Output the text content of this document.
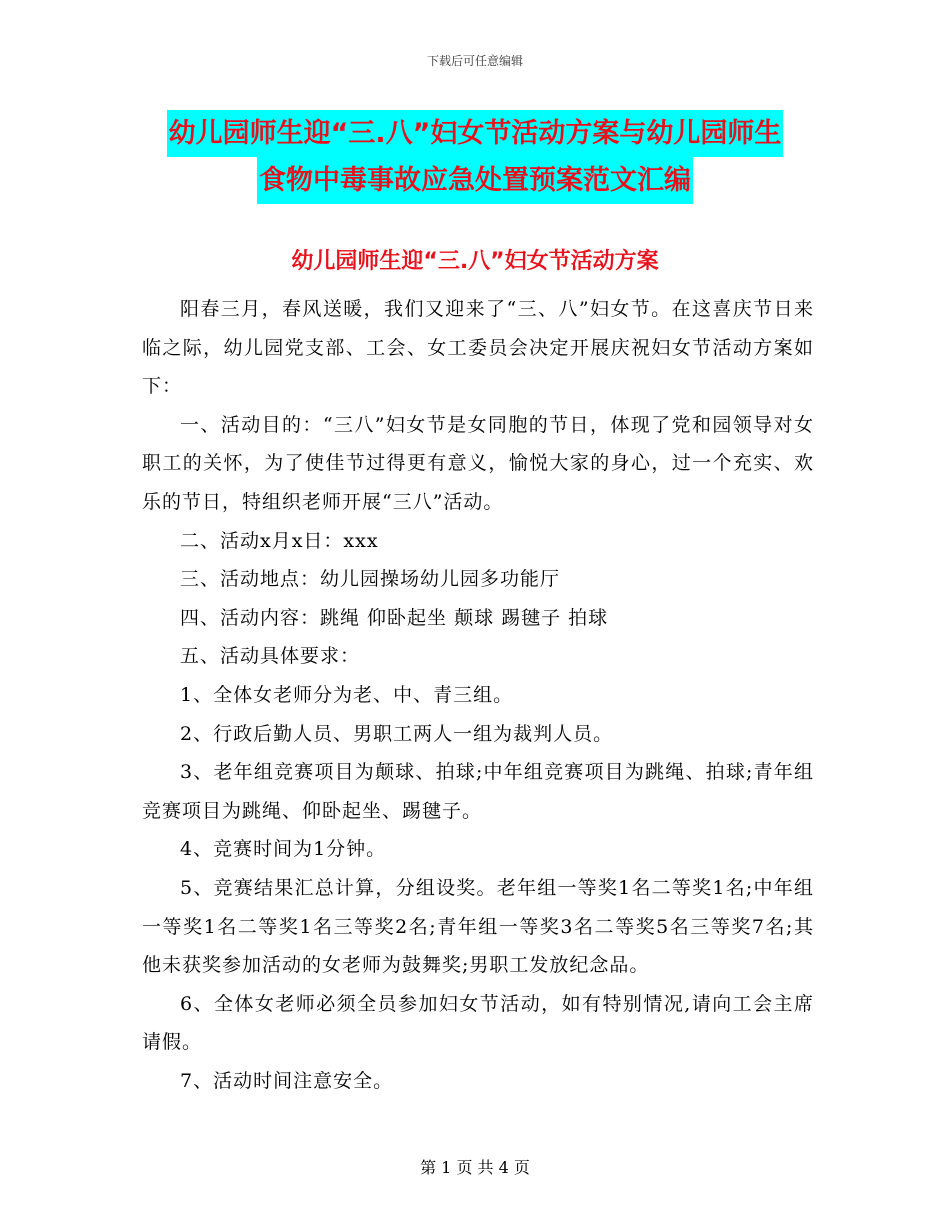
下载后可任意编辑
幼儿园师生迎“三.八”妇女节活动方案与幼儿园师生
食物中毒事故应急处置预案范文汇编
幼儿园师生迎“三.八”妇女节活动方案

阳春三月，春风送暖，我们又迎来了“三、八”妇女节。在这喜庆节日来临之际，幼儿园党支部、工会、女工委员会决定开展庆祝妇女节活动方案如下：

一、活动目的：“三八”妇女节是女同胞的节日，体现了党和园领导对女职工的关怀，为了使佳节过得更有意义，愉悦大家的身心，过一个充实、欢乐的节日，特组织老师开展“三八”活动。

二、活动x月x日：xxx

三、活动地点：幼儿园操场幼儿园多功能厅

四、活动内容：跳绳 仰卧起坐 颠球 踢毽子 拍球

五、活动具体要求：

1、全体女老师分为老、中、青三组。

2、行政后勤人员、男职工两人一组为裁判人员。

3、老年组竞赛项目为颠球、拍球;中年组竞赛项目为跳绳、拍球;青年组竞赛项目为跳绳、仰卧起坐、踢毽子。

4、竞赛时间为1分钟。

5、竞赛结果汇总计算，分组设奖。老年组一等奖1名二等奖1名;中年组一等奖1名二等奖1名三等奖2名;青年组一等奖3名二等奖5名三等奖7名;其他未获奖参加活动的女老师为鼓舞奖;男职工发放纪念品。

6、全体女老师必须全员参加妇女节活动，如有特别情况,请向工会主席请假。

7、活动时间注意安全。

第 1 页 共 4 页
